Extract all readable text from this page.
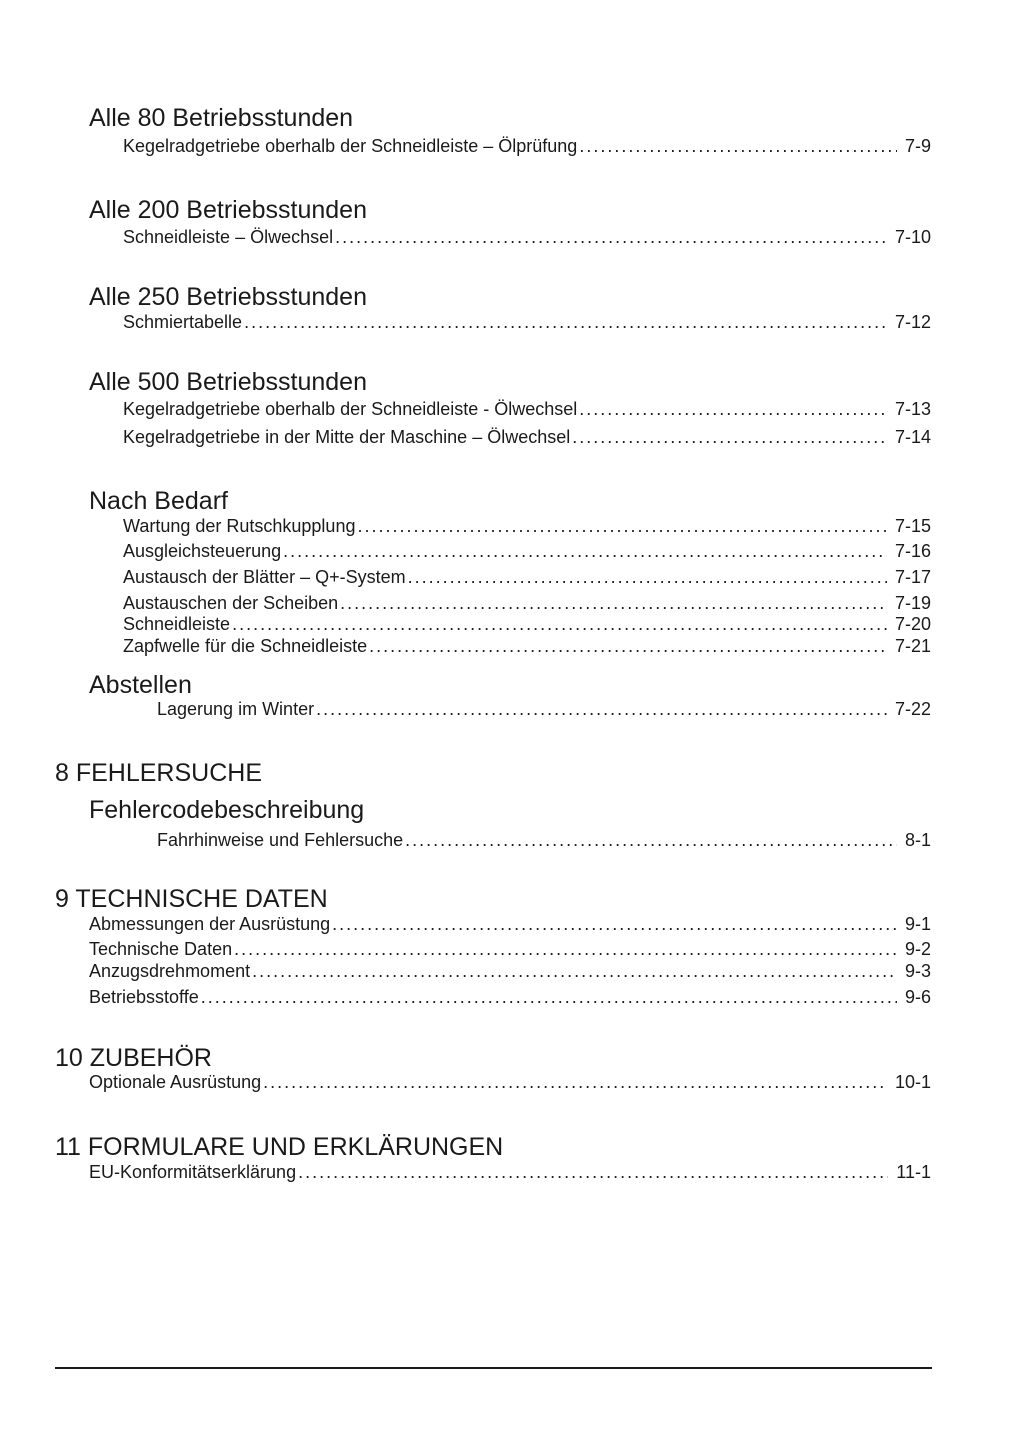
Alle 80 Betriebsstunden
Kegelradgetriebe oberhalb der Schneidleiste – Ölprüfung .....	7-9
Alle 200 Betriebsstunden
Schneidleiste – Ölwechsel .....	7-10
Alle 250 Betriebsstunden
Schmiertabelle .....	7-12
Alle 500 Betriebsstunden
Kegelradgetriebe oberhalb der Schneidleiste - Ölwechsel .....	7-13
Kegelradgetriebe in der Mitte der Maschine – Ölwechsel .....	7-14
Nach Bedarf
Wartung der Rutschkupplung .....	7-15
Ausgleichsteuerung .....	7-16
Austausch der Blätter – Q+-System .....	7-17
Austauschen der Scheiben .....	7-19
Schneidleiste .....	7-20
Zapfwelle für die Schneidleiste .....	7-21
Abstellen
Lagerung im Winter .....	7-22
8 FEHLERSUCHE
Fehlercodebeschreibung
Fahrhinweise und Fehlersuche .....	8-1
9 TECHNISCHE DATEN
Abmessungen der Ausrüstung .....	9-1
Technische Daten .....	9-2
Anzugsdrehmoment .....	9-3
Betriebsstoffe .....	9-6
10 ZUBEHÖR
Optionale Ausrüstung .....	10-1
11 FORMULARE UND ERKLÄRUNGEN
EU-Konformitätserklärung .....	11-1
